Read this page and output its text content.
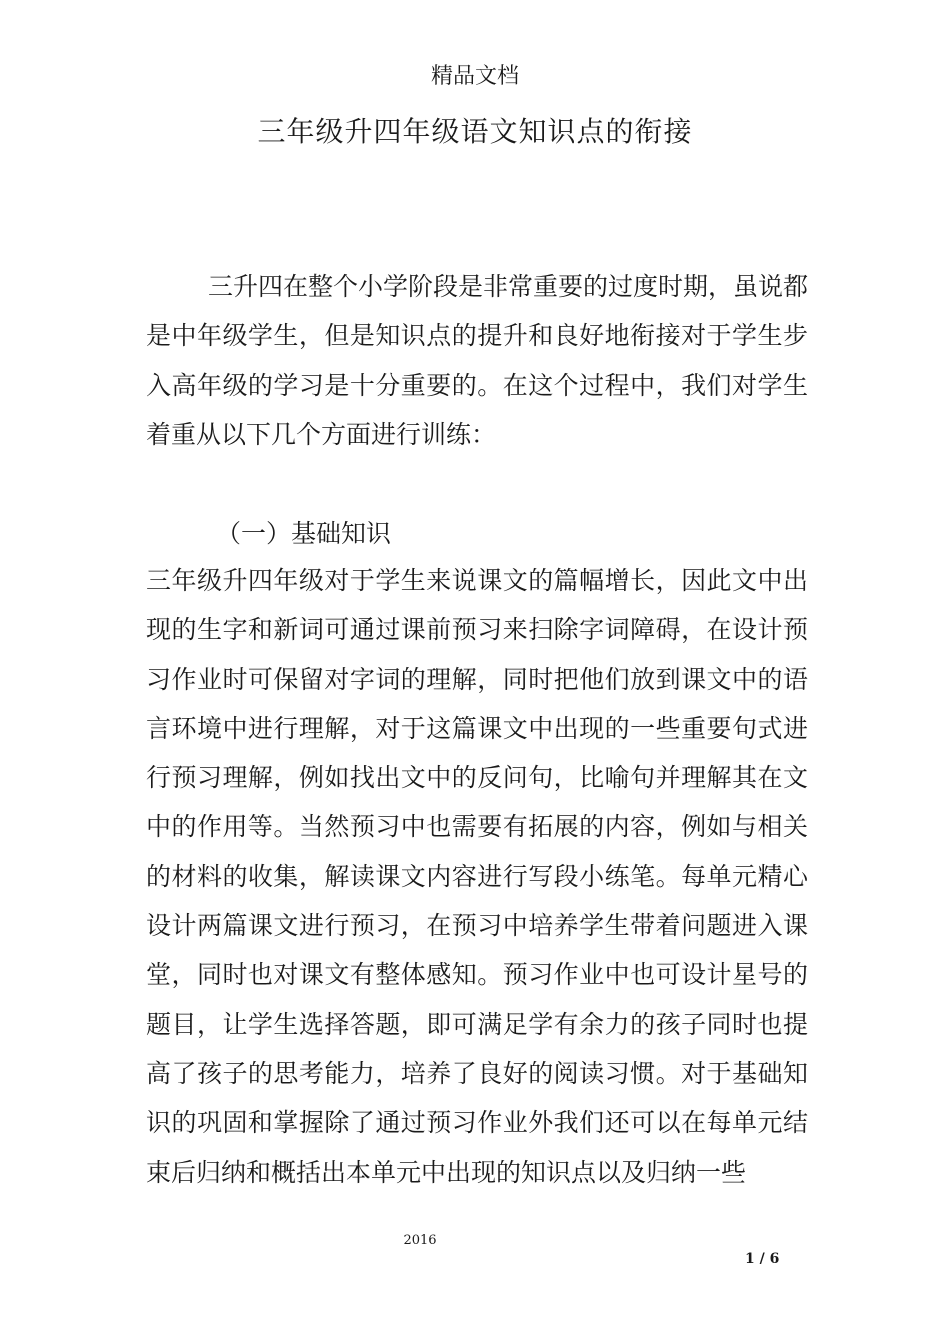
精品文档
三年级升四年级语文知识点的衔接

三升四在整个小学阶段是非常重要的过度时期，虽说都是中年级学生，但是知识点的提升和良好地衔接对于学生步入高年级的学习是十分重要的。在这个过程中，我们对学生着重从以下几个方面进行训练：

（一）基础知识

三年级升四年级对于学生来说课文的篇幅增长，因此文中出现的生字和新词可通过课前预习来扫除字词障碍，在设计预习作业时可保留对字词的理解，同时把他们放到课文中的语言环境中进行理解，对于这篇课文中出现的一些重要句式进行预习理解，例如找出文中的反问句，比喻句并理解其在文中的作用等。当然预习中也需要有拓展的内容，例如与相关的材料的收集，解读课文内容进行写段小练笔。每单元精心设计两篇课文进行预习，在预习中培养学生带着问题进入课堂，同时也对课文有整体感知。预习作业中也可设计星号的题目，让学生选择答题，即可满足学有余力的孩子同时也提高了孩子的思考能力，培养了良好的阅读习惯。对于基础知识的巩固和掌握除了通过预习作业外我们还可以在每单元结束后归纳和概括出本单元中出现的知识点以及归纳一些

2016
1 / 6
